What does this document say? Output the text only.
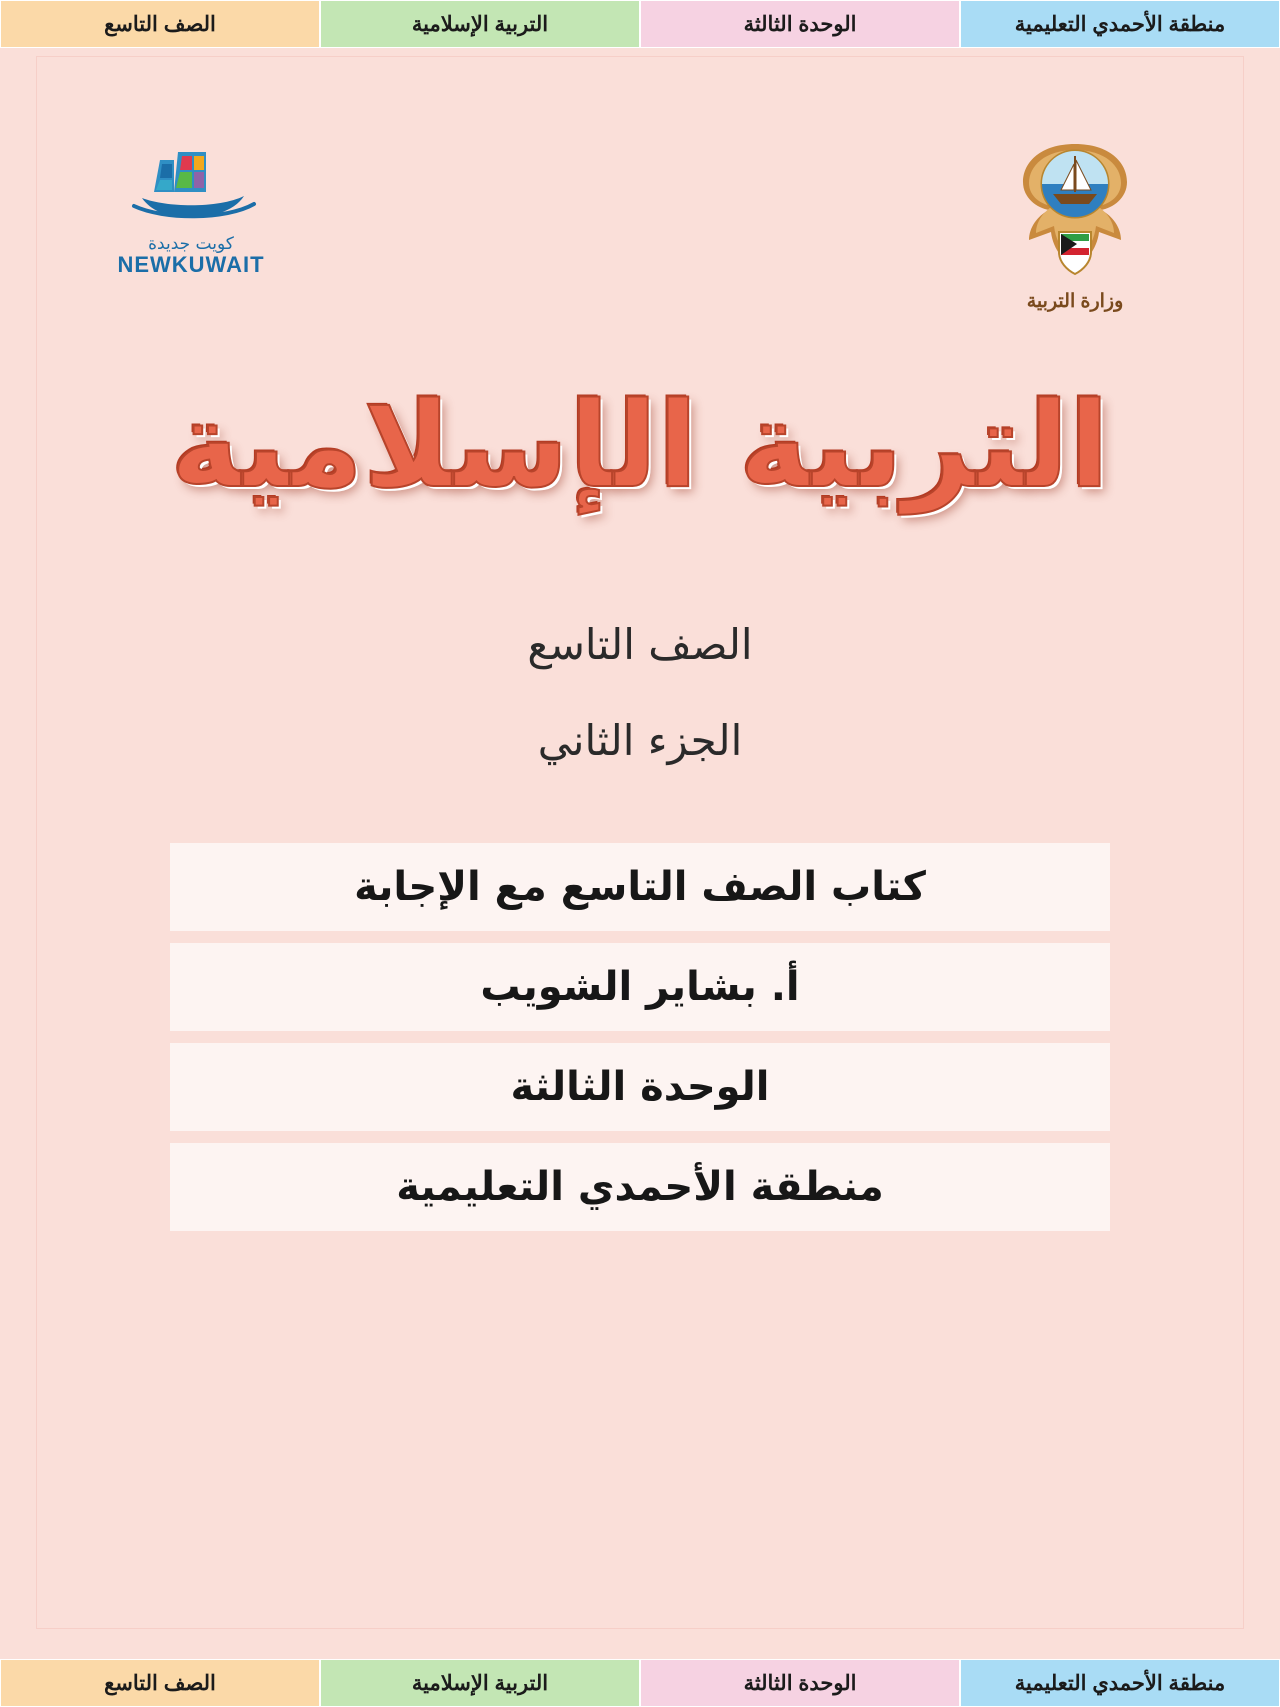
منطقة الأحمدي التعليمية
الوحدة الثالثة
التربية الإسلامية
الصف التاسع
كويت جديدة
NEWKUWAIT
وزارة التربية
التربية الإسلامية
الصف التاسع
الجزء الثاني
كتاب الصف التاسع مع الإجابة
أ. بشاير الشويب
الوحدة الثالثة
منطقة الأحمدي التعليمية
منطقة الأحمدي التعليمية
الوحدة الثالثة
التربية الإسلامية
الصف التاسع
